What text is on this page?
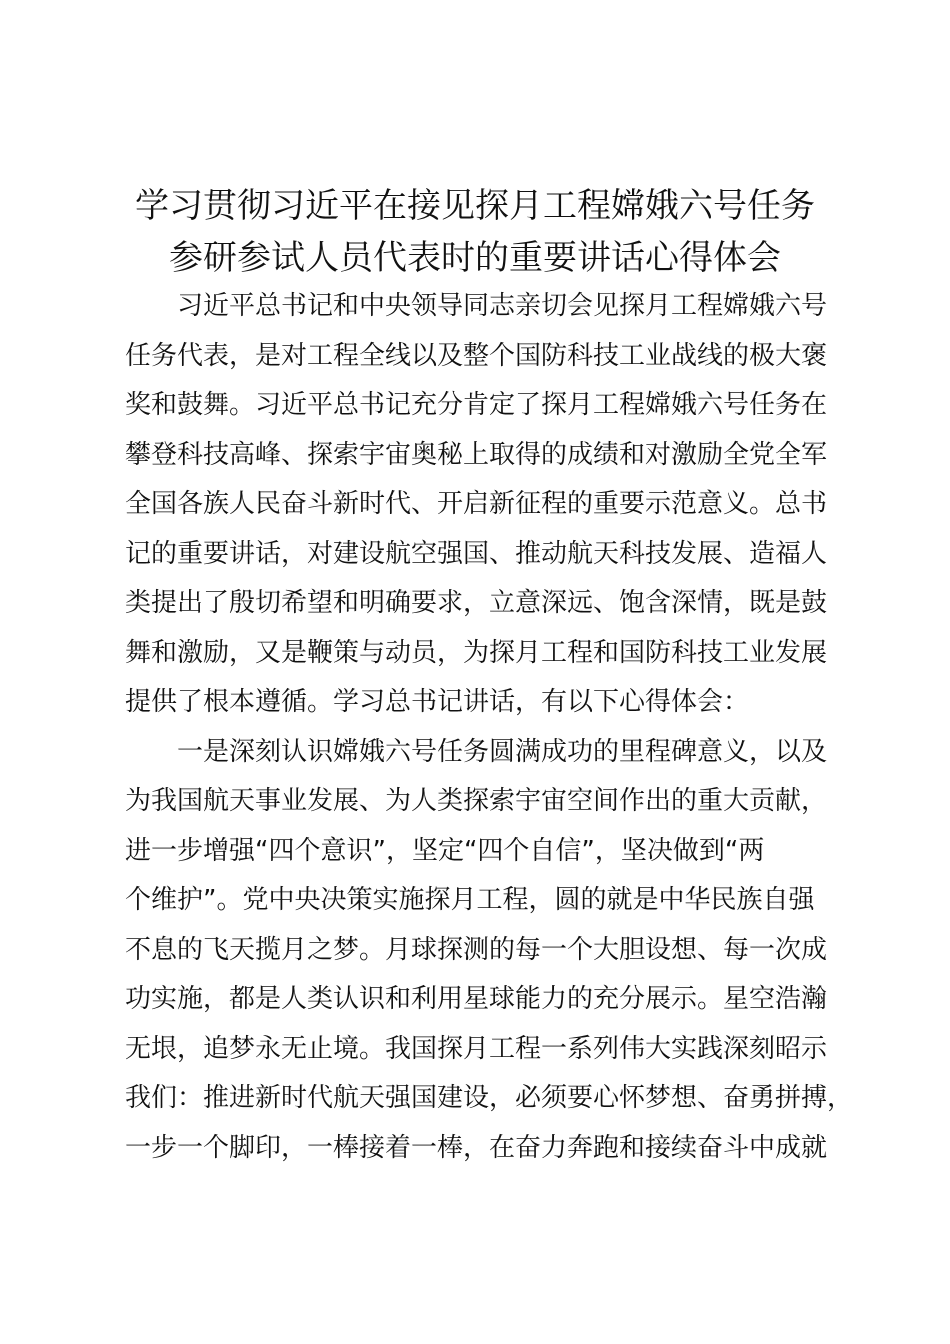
学习贯彻习近平在接见探月工程嫦娥六号任务
参研参试人员代表时的重要讲话心得体会
习近平总书记和中央领导同志亲切会见探月工程嫦娥六号
任务代表，是对工程全线以及整个国防科技工业战线的极大褒
奖和鼓舞。习近平总书记充分肯定了探月工程嫦娥六号任务在
攀登科技高峰、探索宇宙奥秘上取得的成绩和对激励全党全军
全国各族人民奋斗新时代、开启新征程的重要示范意义。总书
记的重要讲话，对建设航空强国、推动航天科技发展、造福人
类提出了殷切希望和明确要求，立意深远、饱含深情，既是鼓
舞和激励，又是鞭策与动员，为探月工程和国防科技工业发展
提供了根本遵循。学习总书记讲话，有以下心得体会：
一是深刻认识嫦娥六号任务圆满成功的里程碑意义，以及
为我国航天事业发展、为人类探索宇宙空间作出的重大贡献，
进一步增强“四个意识”，坚定“四个自信”，坚决做到“两
个维护”。党中央决策实施探月工程，圆的就是中华民族自强
不息的飞天揽月之梦。月球探测的每一个大胆设想、每一次成
功实施，都是人类认识和利用星球能力的充分展示。星空浩瀚
无垠，追梦永无止境。我国探月工程一系列伟大实践深刻昭示
我们：推进新时代航天强国建设，必须要心怀梦想、奋勇拼搏，
一步一个脚印，一棒接着一棒，在奋力奔跑和接续奋斗中成就
